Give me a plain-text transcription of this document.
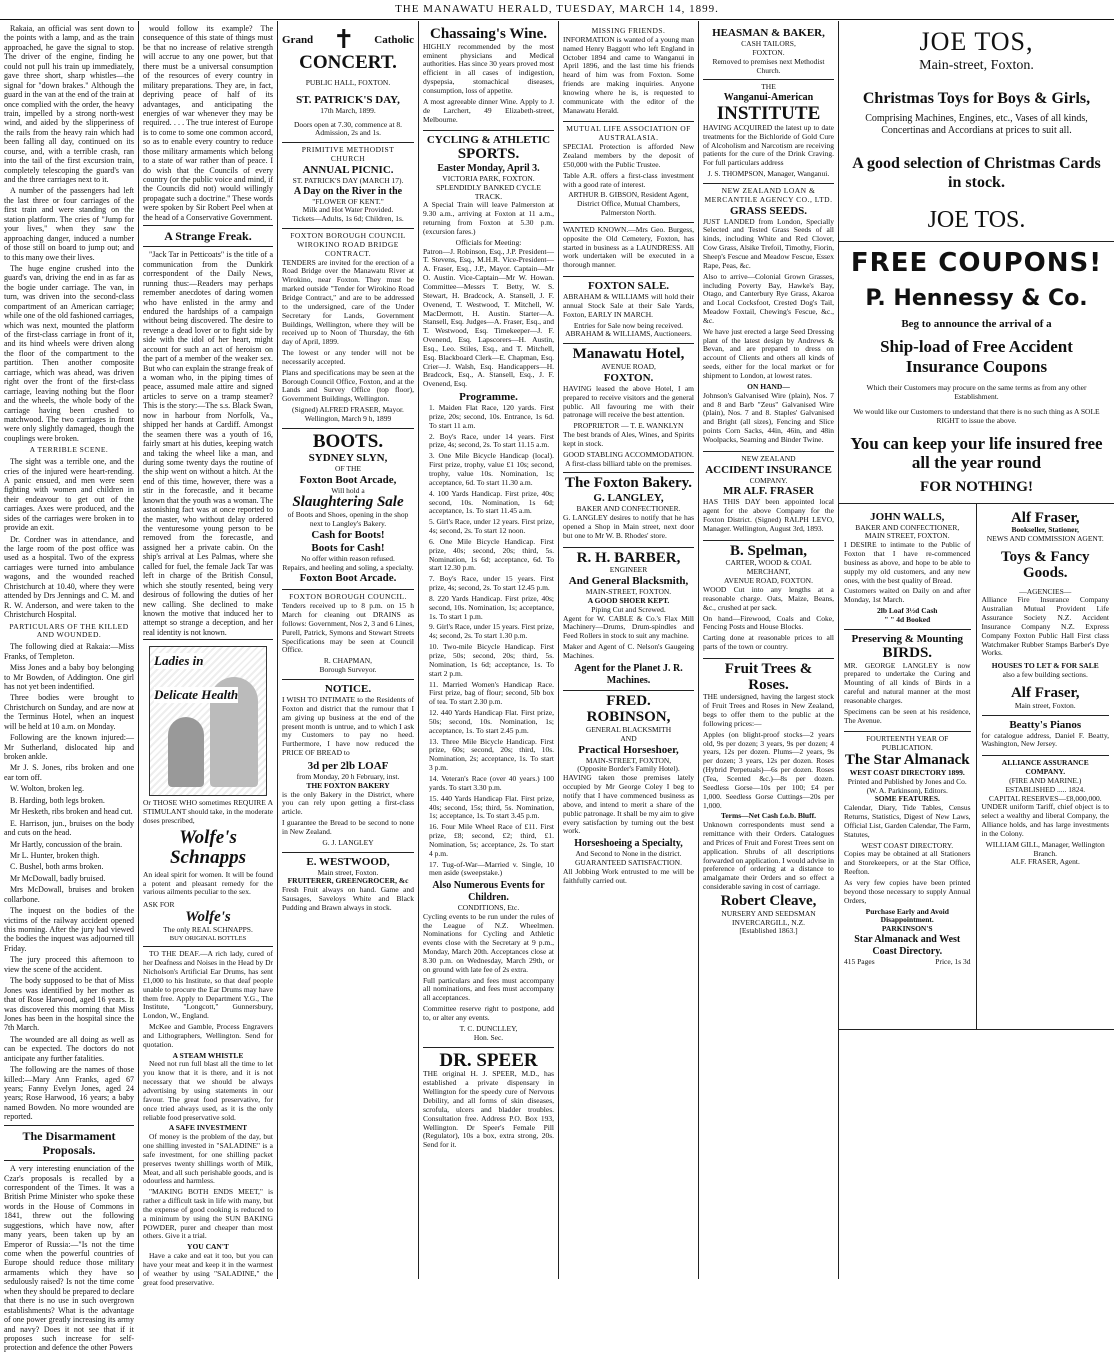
THE MANAWATU HERALD, TUESDAY, MARCH 14, 1899.

Rakaia, an official was sent down to the points with a lamp, and as the train approached, he gave the signal to stop. The driver of the engine, finding he could not pull his train up immediately, gave three short, sharp whistles—the signal for "down brakes." Although the guard in the van at the end of the train at once complied with the order, the heavy train, impelled by a strong north-west wind, and aided by the slipperiness of the rails from the heavy rain which had been falling all day, continued on its course, and, with a terrible crash, ran into the tail of the first excursion train, completely telescoping the guard's van and the three carriages next to it.

A number of the passengers had left the last three or four carriages of the first train and were standing on the station platform. The cries of "Jump for your lives," when they saw the approaching danger, induced a number of those still on board to jump out; and to this many owe their lives.

The huge engine crushed into the guard's van, driving the end in as far as the bogie under carriage. The van, in turn, was driven into the second-class compartment of an American carriage; while one of the old fashioned carriages, which was next, mounted the platform of the first-class carriage in front of it, and its hind wheels were driven along the floor of the compartment to the partition. Then another composite carriage, which was ahead, was driven right over the front of the first-class carriage, leaving nothing but the floor and the wheels, the whole body of the carriage having been crushed to matchwood. The two carriages in front were only slightly damaged, though the couplings were broken.

A TERRIBLE SCENE.

The sight was a terrible one, and the cries of the injured were heart-rending. A panic ensued, and men were seen fighting with women and children in their endeavour to get out of the carriages. Axes were produced, and the sides of the carriages were broken in to provide an exit.

Dr. Cordner was in attendance, and the large room of the post office was used as a hospital. Two of the express carriages were turned into ambulance wagons, and the wounded reached Christchurch at 10.40, where they were attended by Drs Jennings and C. M. and R. W. Anderson, and were taken to the Christchurch Hospital.

PARTICULARS OF THE KILLED AND WOUNDED.

The following died at Rakaia:—Miss Franks, of Templeton.

Miss Jones and a baby boy belonging to Mr Bowden, of Addington. One girl has not yet been indentified.

Three bodies were brought to Christchurch on Sunday, and are now at the Terminus Hotel, when an inquest will be held at 10 a.m. on Monday.

Following are the known injured:—Mr Sutherland, dislocated hip and broken ankle.

Mr J. S. Jones, ribs broken and one ear torn off.

W. Wolton, broken leg.

B. Harding, both legs broken.

Mr Hesketh, ribs broken and head cut.

E. Harrison, jun., bruises on the body and cuts on the head.

Mr Hartly, concussion of the brain.

Mr L. Hunter, broken thigh.

C. Bushel, both arms broken.

Mr McDowall, badly bruised.

Mrs McDowall, bruises and broken collarbone.

The inquest on the bodies of the victims of the railway accident opened this morning. After the jury had viewed the bodies the inquest was adjourned till Friday.

The jury proceed this afternoon to view the scene of the accident.

The body supposed to be that of Miss Jones was identified by her mother as that of Rose Harwood, aged 16 years. It was discovered this morning that Miss Jones has been in the hospital since the 7th March.

The wounded are all doing as well as can be expected. The doctors do not anticipate any further fatalities.

The following are the names of those killed:—Mary Ann Franks, aged 67 years; Fanny Evelyn Jones, aged 24 years; Rose Harwood, 16 years; a baby named Bowden. No more wounded are reported.

The Disarmament Proposals.

A very interesting enunciation of the Czar's proposals is recalled by a correspondent of the Times. It was a British Prime Minister who spoke these words in the House of Commons in 1841, threw out the following suggestions, which have now, after many years, been taken up by an Emperor of Russia:—"Is not the time come when the powerful countries of Europe should reduce those military armaments which they have so sedulously raised? Is not the time come when they should be prepared to declare that there is no use in such overgrown establishments? What is the advantage of one power greatly increasing its army and navy? Does it not see that if it proposes such increase for self-protection and defence the other Powers

would follow its example? The consequence of this state of things must be that no increase of relative strength will accrue to any one power, but that there must be a universal consumption of the resources of every country in military preparations. They are, in fact, depriving peace of half of its advantages, and anticipating the energies of war whenever they may be required. . . . The true interest of Europe is to come to some one common accord, so as to enable every country to reduce those military armaments which belong to a state of war rather than of peace. I do wish that the Councils of every country (or the public voice and mind, if the Councils did not) would willingly propagate such a doctrine." These words were spoken by Sir Robert Peel when at the head of a Conservative Government.

A Strange Freak.

"Jack Tar in Petticoats" is the title of a communication from the Dunkirk correspondent of the Daily News, running thus:—Readers may perhaps remember anecdotes of daring women who have enlisted in the army and endured the hardships of a campaign without being discovered. The desire to revenge a dead lover or to fight side by side with the idol of her heart, might account for such an act of heroism on the part of a member of the weaker sex. But who can explain the strange freak of a woman who, in the piping times of peace, assumed male attire and signed articles to serve on a tramp steamer? This is the story:—The s.s. Black Swan, now in harbour from Norfolk, Va., shipped her hands at Cardiff. Amongst the seamen there was a youth of 16, fairly smart at his duties, keeping watch and taking the wheel like a man, and during some twenty days the routine of the ship went on without a hitch. At the end of this time, however, there was a stir in the forecastle, and it became known that the youth was a woman. The astonishing fact was at once reported to the master, who without delay ordered the venturesome young person to be removed from the forecastle, and assigned her a private cabin. On the ship's arrival at Les Palmas, where she called for fuel, the female Jack Tar was left in charge of the British Consul, which she stoutly resented, being very desirous of following the duties of her new calling. She declined to make known the motive that induced her to attempt so strange a deception, and her real identity is not known.

Ladies in
Delicate Health

Or THOSE WHO sometimes REQUIRE A STIMULANT should take, in the moderate doses prescribed,

Wolfe's
Schnapps

An ideal spirit for women. It will be found a potent and pleasant remedy for the various ailments peculiar to the sex.

ASK FOR
Wolfe's
The only REAL SCHNAPPS.
BUY ORIGINAL BOTTLES

TO THE DEAF.—A rich lady, cured of her Deafness and Noises in the Head by Dr Nicholson's Artificial Ear Drums, has sent £1,000 to his Institute, so that deaf people unable to procure the Ear Drums may have them free. Apply to Department Y.G., The Institute, "Longcott," Gunnersbury, London, W., England.

McKee and Gamble, Process Engravers and Lithographers, Wellington. Send for quotation.

A STEAM WHISTLE

Need not run full blast all the time to let you know that it is there, and it is not necessary that we should be always advertising by using statements in our favour. The great food preservative, for once tried always used, as it is the only reliable food preservative sold.

A SAFE INVESTMENT

Of money is the problem of the day, but one shilling invested in "SALADINE" is a safe investment, for one shilling packet preserves twenty shillings worth of Milk, Meat, and all such perishable goods, and is odourless and harmless.

"MAKING BOTH ENDS MEET," is rather a difficult task in life with many, but the expense of good cooking is reduced to a minimum by using the SUN BAKING POWDER, purer and cheaper than most others. Give it a trial.

YOU CAN'T

Have a cake and eat it too, but you can have your meat and keep it in the warmest of weather by using "SALADINE," the great food preservative.

Grand ✝ Catholic
CONCERT.
PUBLIC HALL, FOXTON.
ST. PATRICK'S DAY,
17th March, 1899.
Doors open at 7.30, commence at 8.
Admission, 2s and 1s.
PRIMITIVE METHODIST
CHURCH
ANNUAL PICNIC.
ST. PATRICK'S DAY (MARCH 17).
A Day on the River in the
"FLOWER OF KENT."
Milk and Hot Water Provided.
Tickets—Adults, 1s 6d; Children, 1s.
FOXTON BOROUGH COUNCIL
WIROKINO ROAD BRIDGE CONTRACT.

TENDERS are invited for the erection of a Road Bridge over the Manawatu River at Wirokino, near Foxton. They must be marked outside "Tender for Wirokino Road Bridge Contract," and are to be addressed to the undersigned, care of the Under Secretary for Lands, Government Buildings, Wellington, where they will be received up to Noon of Thursday, the 6th day of April, 1899.

The lowest or any tender will not be necessarily accepted.

Plans and specifications may be seen at the Borough Council Office, Foxton, and at the Lands and Survey Office (top floor), Government Buildings, Wellington.

(Signed) ALFRED FRASER, Mayor.
Wellington, March 9 h, 1899
BOOTS.
SYDNEY SLYN,
OF THE
Foxton Boot Arcade,
Will hold a
Slaughtering Sale
of Boots and Shoes, opening in the shop next to Langley's Bakery.
Cash for Boots!
Boots for Cash!
No offer within reason refused.
Repairs, and heeling and soling, a specialty.
Foxton Boot Arcade.
FOXTON BOROUGH COUNCIL.

Tenders received up to 8 p.m. on 15 h March for cleaning out DRAINS as follows: Government, Nos 2, 3 and 6 Lines, Purell, Patrick, Symons and Stewart Streets Specifications may be seen at Council Office.

R. CHAPMAN,
Borough Surveyor.
NOTICE.

I WISH TO INTIMATE to the Residents of Foxton and district that the rumour that I am giving up business at the end of the present month is untrue, and to which I ask my Customers to pay no heed. Furthermore, I have now reduced the PRICE OF BREAD to

3d per 2lb LOAF
from Monday, 20 h February, inst.
THE FOXTON BAKERY

is the only Bakery in the District, where you can rely upon getting a first-class article.

I guarantee the Bread to be second to none in New Zealand.

G. J. LANGLEY
E. WESTWOOD,
Main street, Foxton.
FRUITERER, GREENGROCER, &c

Fresh Fruit always on hand. Game and Sausages, Saveloys White and Black Pudding and Brawn always in stock.

Chassaing's Wine.

HIGHLY recommended by the most eminent physicians and Medical authorities. Has since 30 years proved most efficient in all cases of indigestion, dyspepsia, stomachical diseases, consumption, loss of appetite.

A most agreeable dinner Wine. Apply to J. de Larchert, 49 Elizabeth-street, Melbourne.

CYCLING & ATHLETIC
SPORTS.
Easter Monday, April 3.
VICTORIA PARK, FOXTON.
SPLENDIDLY BANKED CYCLE TRACK.

A Special Train will leave Palmerston at 9.30 a.m., arriving at Foxton at 11 a.m., returning from Foxton at 5.30 p.m. (excursion fares.)

Officials for Meeting:

Patron—J. Robinson, Esq., J.P. President—T. Stevens, Esq., M.H.R. Vice-President—A. Fraser, Esq., J.P., Mayor. Captain—Mr O. Austin. Vice-Captain—Mr W. Howan. Committee—Messrs T. Betty, W. S. Stewart, H. Bradcock, A. Stansell, J. F. Ovenend, T. Westwood, T. Mitchell, W. MacDermott, H. Austin. Starter—A. Stansell, Esq. Judges—A. Fraser, Esq., and T. Westwood, Esq. Timekeeper—J. F. Ovenend, Esq. Lapscorers—H. Austin, Esq., Leo. Stiles, Esq., and T. Mitchell, Esq. Blackboard Clerk—E. Chapman, Esq. Crier—J. Walsh, Esq. Handicappers—H. Bradcock, Esq., A. Stansell, Esq., J. F. Ovenend, Esq.

Programme.

1. Maiden Flat Race, 120 yards. First prize, 20s; second, 10s. Entrance, 1s 6d. To start 11 a.m.

2. Boy's Race, under 14 years. First prize, 4s; second, 2s. To start 11.15 a.m.

3. One Mile Bicycle Handicap (local). First prize, trophy, value £1 10s; second, trophy, value 10s. Nomination, 1s; acceptance, 6d. To start 11.30 a.m.

4. 100 Yards Handicap. First prize, 40s; second, 10s. Nomination, 1s 6d; acceptance, 1s. To start 11.45 a.m.

5. Girl's Race, under 12 years. First prize, 4s; second, 2s. To start 12 noon.

6. One Mile Bicycle Handicap. First prize, 40s; second, 20s; third, 5s. Nomination, 1s 6d; acceptance, 6d. To start 12.30 p.m.

7. Boy's Race, under 15 years. First prize, 4s; second, 2s. To start 12.45 p.m.

8. 220 Yards Handicap. First prize, 40s; second, 10s. Nomination, 1s; acceptance, 1s. To start 1 p.m.

9. Girl's Race, under 15 years. First prize, 4s; second, 2s. To start 1.30 p.m.

10. Two-mile Bicycle Handicap. First prize, 50s; second, 20s; third, 5s. Nomination, 1s 6d; acceptance, 1s. To start 2 p.m.

11. Married Women's Handicap Race. First prize, bag of flour; second, 5lb box of tea. To start 2.30 p.m.

12. 440 Yards Handicap Flat. First prize, 50s; second, 10s. Nomination, 1s; acceptance, 1s. To start 2.45 p.m.

13. Three Mile Bicycle Handicap. First prize, 60s; second, 20s; third, 10s. Nomination, 2s; acceptance, 1s. To start 3 p.m.

14. Veteran's Race (over 40 years.) 100 yards. To start 3.30 p.m.

15. 440 Yards Handicap Flat. First prize, 40s; second, 15s; third, 5s. Nomination, 1s; acceptance, 1s. To start 3.45 p.m.

16. Four Mile Wheel Race of £11. First prize, £8; second, £2; third, £1. Nomination, 5s; acceptance, 2s. To start 4 p.m.

17. Tug-of-War—Married v. Single, 10 men aside (sweepstake.)

Also Numerous Events for Children.
CONDITIONS, Etc.

Cycling events to be run under the rules of the League of N.Z. Wheelmen. Nominations for Cycling and Athletic events close with the Secretary at 9 p.m., Monday, March 20th. Acceptances close at 8.30 p.m. on Wednesday, March 29th, or on ground with late fee of 2s extra.

Full particulars and fees must accompany all nominations, and fees must accompany all acceptances.

Committee reserve right to postpone, add to, or alter any events.

T. C. DUNCLLEY,
Hon. Sec.
DR. SPEER

THE original H. J. SPEER, M.D., has established a private dispensary in Wellington for the speedy cure of Nervous Debility, and all forms of skin diseases, scrofula, ulcers and bladder troubles. Consultation free. Address P.O. Box 193, Wellington. Dr Speer's Female Pill (Regulator), 10s a box, extra strong, 20s. Send for it.

MISSING FRIENDS.

INFORMATION is wanted of a young man named Henry Baggott who left England in October 1894 and came to Wanganui in April 1896, and the last time his friends heard of him was from Foxton. Some friends are making inquiries. Anyone knowing where he is, is requested to communicate with the editor of the Manawatu Herald.

MUTUAL LIFE ASSOCIATION OF AUSTRALASIA.

SPECIAL Protection is afforded New Zealand members by the deposit of £50,000 with the Public Trustee.

Table A.R. offers a first-class investment with a good rate of interest.

ARTHUR B. GIBSON, Resident Agent,
District Office, Mutual Chambers, Palmerston North.

WANTED KNOWN.—Mrs Geo. Burgess, opposite the Old Cemetery, Foxton, has started in business as a LAUNDRESS. All work undertaken will be executed in a thorough manner.

FOXTON SALE.

ABRAHAM & WILLIAMS will hold their annual Stock Sale at their Sale Yards, Foxton, EARLY IN MARCH.

Entries for Sale now being received.
ABRAHAM & WILLIAMS, Auctioneers.
Manawatu Hotel,
AVENUE ROAD,
FOXTON.

HAVING leased the above Hotel, I am prepared to receive visitors and the general public. All favouring me with their patronage will receive the best attention.

PROPRIETOR — T. E. WANKLYN

The best brands of Ales, Wines, and Spirits kept in stock.

GOOD STABLING ACCOMMODATION.
A first-class billiard table on the premises.
The Foxton Bakery.
G. LANGLEY,
BAKER AND CONFECTIONER.

G. LANGLEY desires to notify that he has opened a Shop in Main street, next door but one to Mr W. B. Rhodes' store.

R. H. BARBER,
ENGINEER
And General Blacksmith,
MAIN-STREET, FOXTON.
A GOOD SHOER KEPT.
Piping Cut and Screwed.

Agent for W. CABLE & Co.'s Flax Mill Machinery—Drums, Drum-spindles and Feed Rollers in stock to suit any machine.

Maker and Agent of C. Nelson's Gaugeing Machines.

Agent for the Planet J. R. Machines.
FRED. ROBINSON,
GENERAL BLACKSMITH
AND
Practical Horseshoer,
MAIN-STREET, FOXTON,
(Opposite Border's Family Hotel).

HAVING taken those premises lately occupied by Mr George Coley I beg to notify that I have commenced business as above, and intend to merit a share of the public patronage. It shall be my aim to give every satisfaction by turning out the best work.

Horseshoeing a Specialty,
And Second to None in the district.
GUARANTEED SATISFACTION.

All Jobbing Work entrusted to me will be faithfully carried out.

HEASMAN & BAKER,
CASH TAILORS,
FOXTON.
Removed to premises next Methodist Church.
THE
Wanganui-American
INSTITUTE

HAVING ACQUIRED the latest up to date treatments for the Bichloride of Gold Cure of Alcoholism and Narcotism are receiving patients for the cure of the Drink Craving. For full particulars address

J. S. THOMPSON, Manager, Wanganui.
NEW ZEALAND LOAN & MERCANTILE AGENCY CO., LTD.
GRASS SEEDS.

JUST LANDED from London, Specially Selected and Tested Grass Seeds of all kinds, including White and Red Clover, Cow Grass, Alsike Trefoil, Timothy, Fiorin, Sheep's Fescue and Meadow Fescue, Essex Rape, Peas, &c.

Also to arrive—Colonial Grown Grasses, including Poverty Bay, Hawke's Bay, Otago, and Canterbury Rye Grass, Akaroa and Local Cocksfoot, Crested Dog's Tail, Meadow Foxtail, Chewing's Fescue, &c., &c.

We have just erected a large Seed Dressing plant of the latest design by Andrews & Bevan, and are prepared to dress on account of Clients and others all kinds of seeds, either for the local market or for shipment to London, at lowest rates.

ON HAND—

Johnson's Galvanised Wire (plain), Nos. 7 and 8 and Barb "Zeus" Galvanised Wire (plain), Nos. 7 and 8. Staples' Galvanised and Bright (all sizes), Fencing and Slice points Corn Sacks, 44in, 46in, and 48in Woolpacks, Seaming and Binder Twine.

NEW ZEALAND
ACCIDENT INSURANCE
COMPANY.
MR ALF. FRASER

HAS THIS DAY been appointed local agent for the above Company for the Foxton District. (Signed) RALPH LEVO, Manager. Wellington, August 3rd, 1893.

B. Spelman,
CARTER, WOOD & COAL MERCHANT,
AVENUE ROAD, FOXTON.

WOOD Cut into any lengths at a reasonable charge. Oats, Maize, Beans, &c., crushed at per sack.

On hand—Firewood, Coals and Coke, Fencing Posts and House Blocks.

Carting done at reasonable prices to all parts of the town or country.

Fruit Trees & Roses.

THE undersigned, having the largest stock of Fruit Trees and Roses in New Zealand, begs to offer them to the public at the following prices:—

Apples (on blight-proof stocks—2 years old, 9s per dozen; 3 years, 9s per dozen; 4 years, 12s per dozen. Plums—2 years, 9s per dozen; 3 years, 12s per dozen. Roses (Hybrid Perpetuals)—6s per dozen. Roses (Tea, Scented &c.)—8s per dozen. Seedless Gorse—10s per 100; £4 per 1,000. Seedless Gorse Cuttings—20s per 1,000.

Terms—Net Cash f.o.b. Bluff.

Unknown correspondents must send a remittance with their Orders. Catalogues and Prices of Fruit and Forest Trees sent on application. Shrubs of all descriptions forwarded on application. I would advise in preference of ordering at a distance to amalgamate their Orders and so effect a considerable saving in cost of carriage.

Robert Cleave,
NURSERY AND SEEDSMAN
INVERCARGILL, N.Z.
[Established 1863.]
JOE TOS,
Main-street, Foxton.
Christmas Toys for Boys & Girls,
Comprising Machines, Engines, etc., Vases of all kinds, Concertinas and Accordians at prices to suit all.
A good selection of Christmas Cards in stock.
JOE TOS.
FREE COUPONS!
P. Hennessy & Co.
Beg to announce the arrival of a
Ship-load of Free Accident Insurance Coupons
Which their Customers may procure on the same terms as from any other Establishment.
We would like our Customers to understand that there is no such thing as A SOLE RIGHT to issue the above.
You can keep your life insured free all the year round
FOR NOTHING!
JOHN WALLS,
BAKER AND CONFECTIONER,
MAIN STREET, FOXTON.

I DESIRE to intimate to the Public of Foxton that I have re-commenced business as above, and hope to be able to supply my old customers, and any new ones, with the best quality of Bread.

Customers waited on Daily on and after Monday, 1st March.

2lb Loaf 3½d Cash
" " 4d Booked
Preserving & Mounting
BIRDS.

MR. GEORGE LANGLEY is now prepared to undertake the Curing and Mounting of all kinds of Birds in a careful and natural manner at the most reasonable charges.

Specimens can be seen at his residence, The Avenue.

FOURTEENTH YEAR OF PUBLICATION.
The Star Almanack
WEST COAST DIRECTORY 1899.
Printed and Published by Jones and Co. (W. A. Parkinson), Editors.
SOME FEATURES.

Calendar, Diary, Tide Tables, Census Returns, Statistics, Digest of New Laws, Official List, Garden Calendar, The Farm, Statutes,

WEST COAST DIRECTORY.

Copies may be obtained at all Stationers and Storekeepers, or at the Star Office, Reefton.

As very few copies have been printed beyond those necessary to supply Annual Orders,

Purchase Early and Avoid Disappointment.
PARKINSON'S
Star Almanack and West Coast Directory.
415 Pages	Price, 1s 3d
Alf Fraser,
Bookseller, Stationer,
NEWS AND COMMISSION AGENT.
Toys & Fancy Goods.
—AGENCIES—

Alliance Fire Insurance Company Australian Mutual Provident Life Assurance Society N.Z. Accident Insurance Company N.Z. Express Company Foxton Public Hall First class Watchmaker Rubber Stamps Barber's Dye Works.

HOUSES TO LET & FOR SALE
also a few building sections.
Alf Fraser,
Main street, Foxton.
Beatty's Pianos

for catalogue address, Daniel F. Beatty, Washington, New Jersey.

ALLIANCE ASSURANCE COMPANY.
(FIRE AND MARINE.)
ESTABLISHED ..... 1824.
CAPITAL RESERVES—£8,000,000.

UNDER uniform Tariff, chief object is to select a wealthy and liberal Company, the Alliance holds, and has large investments in the Colony.

WILLIAM GILL, Manager, Wellington Branch.
ALF. FRASER, Agent.
